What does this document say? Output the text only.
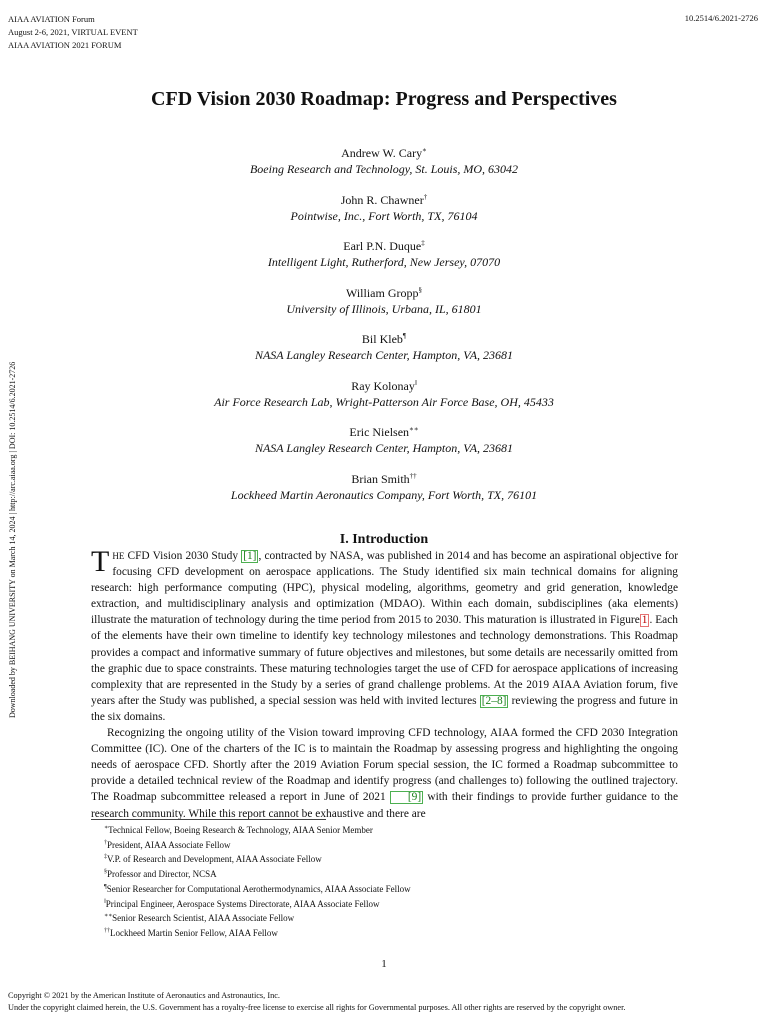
AIAA AVIATION Forum
August 2-6, 2021, VIRTUAL EVENT
AIAA AVIATION 2021 FORUM
10.2514/6.2021-2726
Downloaded by BEIHANG UNIVERSITY on March 14, 2024 | http://arc.aiaa.org | DOI: 10.2514/6.2021-2726
CFD Vision 2030 Roadmap: Progress and Perspectives
Andrew W. Cary∗
Boeing Research and Technology, St. Louis, MO, 63042
John R. Chawner†
Pointwise, Inc., Fort Worth, TX, 76104
Earl P.N. Duque‡
Intelligent Light, Rutherford, New Jersey, 07070
William Gropp§
University of Illinois, Urbana, IL, 61801
Bil Kleb¶
NASA Langley Research Center, Hampton, VA, 23681
Ray Kolonay‖
Air Force Research Lab, Wright-Patterson Air Force Base, OH, 45433
Eric Nielsen∗∗
NASA Langley Research Center, Hampton, VA, 23681
Brian Smith††
Lockheed Martin Aeronautics Company, Fort Worth, TX, 76101
I. Introduction

THE CFD Vision 2030 Study [1] , contracted by NASA, was published in 2014 and has become an aspirational objective for focusing CFD development on aerospace applications. The Study identified six main technical domains for aligning research: high performance computing (HPC), physical modeling, algorithms, geometry and grid generation, knowledge extraction, and multidisciplinary analysis and optimization (MDAO). Within each domain, subdisciplines (aka elements) illustrate the maturation of technology during the time period from 2015 to 2030. This maturation is illustrated in Figure 1 . Each of the elements have their own timeline to identify key technology milestones and technology demonstrations. This Roadmap provides a compact and informative summary of future objectives and milestones, but some details are necessarily omitted from the graphic due to space constraints. These maturing technologies target the use of CFD for aerospace applications of increasing complexity that are represented in the Study by a series of grand challenge problems. At the 2019 AIAA Aviation forum, five years after the Study was published, a special session was held with invited lectures [2–8] reviewing the progress and future in the six domains.

Recognizing the ongoing utility of the Vision toward improving CFD technology, AIAA formed the CFD 2030 Integration Committee (IC). One of the charters of the IC is to maintain the Roadmap by assessing progress and highlighting the ongoing needs of aerospace CFD. Shortly after the 2019 Aviation Forum special session, the IC formed a Roadmap subcommittee to provide a detailed technical review of the Roadmap and identify progress (and challenges to) following the outlined trajectory. The Roadmap subcommittee released a report in June of 2021 [9] with their findings to provide further guidance to the research community. While this report cannot be exhaustive and there are

∗Technical Fellow, Boeing Research & Technology, AIAA Senior Member
†President, AIAA Associate Fellow
‡V.P. of Research and Development, AIAA Associate Fellow
§Professor and Director, NCSA
¶Senior Researcher for Computational Aerothermodynamics, AIAA Associate Fellow
‖Principal Engineer, Aerospace Systems Directorate, AIAA Associate Fellow
∗∗Senior Research Scientist, AIAA Associate Fellow
††Lockheed Martin Senior Fellow, AIAA Fellow
1
Copyright © 2021 by the American Institute of Aeronautics and Astronautics, Inc.
Under the copyright claimed herein, the U.S. Government has a royalty-free license to exercise all rights for Governmental purposes. All other rights are reserved by the copyright owner.
